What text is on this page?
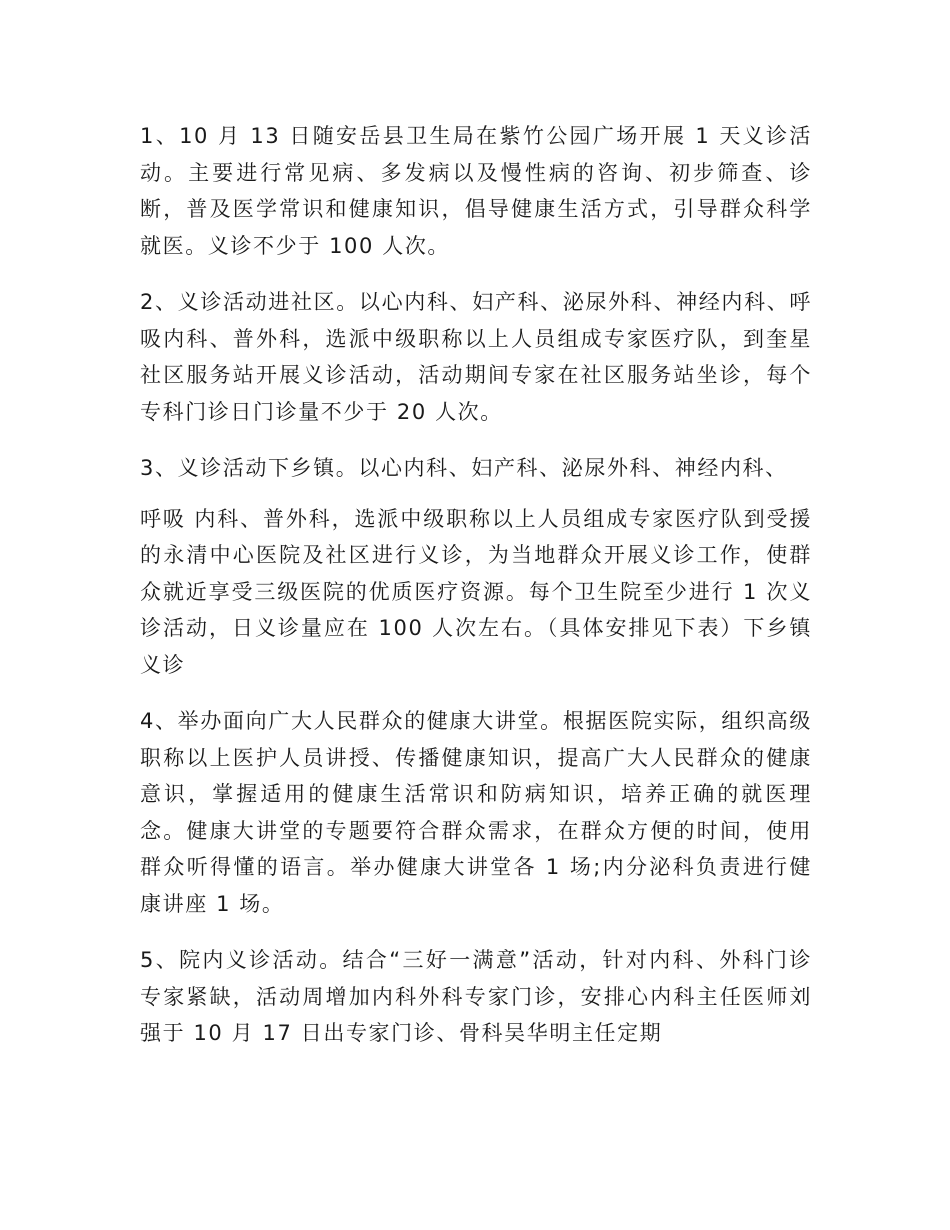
1、10 月 13 日随安岳县卫生局在紫竹公园广场开展 1 天义诊活动。主要进行常见病、多发病以及慢性病的咨询、初步筛查、诊断，普及医学常识和健康知识，倡导健康生活方式，引导群众科学就医。义诊不少于 100 人次。

2、义诊活动进社区。以心内科、妇产科、泌尿外科、神经内科、呼吸内科、普外科，选派中级职称以上人员组成专家医疗队，到奎星社区服务站开展义诊活动，活动期间专家在社区服务站坐诊，每个专科门诊日门诊量不少于 20 人次。

3、义诊活动下乡镇。以心内科、妇产科、泌尿外科、神经内科、

呼吸 内科、普外科，选派中级职称以上人员组成专家医疗队到受援的永清中心医院及社区进行义诊，为当地群众开展义诊工作，使群众就近享受三级医院的优质医疗资源。每个卫生院至少进行 1 次义诊活动，日义诊量应在 100 人次左右。（具体安排见下表）下乡镇义诊

4、举办面向广大人民群众的健康大讲堂。根据医院实际，组织高级职称以上医护人员讲授、传播健康知识，提高广大人民群众的健康意识，掌握适用的健康生活常识和防病知识，培养正确的就医理念。健康大讲堂的专题要符合群众需求，在群众方便的时间，使用群众听得懂的语言。举办健康大讲堂各 1 场;内分泌科负责进行健康讲座 1 场。

5、院内义诊活动。结合“三好一满意”活动，针对内科、外科门诊专家紧缺，活动周增加内科外科专家门诊，安排心内科主任医师刘强于 10 月 17 日出专家门诊、骨科吴华明主任定期
